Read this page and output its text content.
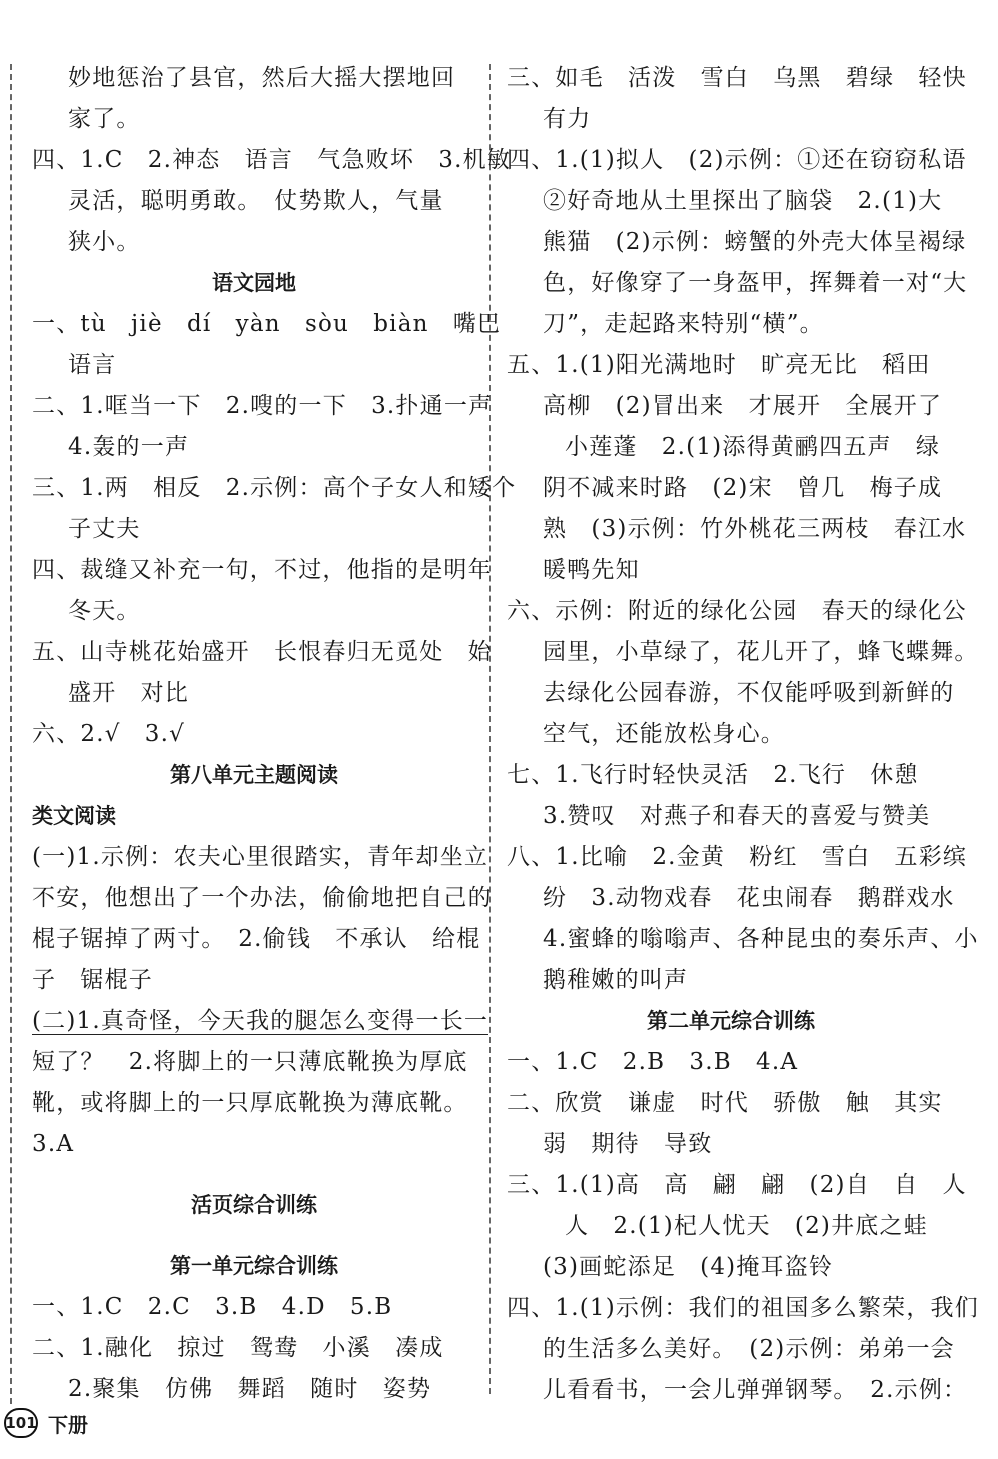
妙地惩治了县官，然后大摇大摆地回
家了。
四、1.C　2.神态　语言　气急败坏　3.机敏
灵活，聪明勇敢。　仗势欺人，气量
狭小。
语文园地
一、tù　jiè　dí　yàn　sòu　biàn　嘴巴
语言
二、1.哐当一下　2.嗖的一下　3.扑通一声
4.轰的一声
三、1.两　相反　2.示例：高个子女人和矮个
子丈夫
四、裁缝又补充一句，不过，他指的是明年
冬天。
五、山寺桃花始盛开　长恨春归无觅处　始
盛开　对比
六、2.√　3.√
第八单元主题阅读
类文阅读
(一)1.示例：农夫心里很踏实，青年却坐立
不安，他想出了一个办法，偷偷地把自己的
棍子锯掉了两寸。　2.偷钱　不承认　给棍
子　锯棍子
(二)1.真奇怪，今天我的腿怎么变得一长一
短了？　2.将脚上的一只薄底靴换为厚底
靴，或将脚上的一只厚底靴换为薄底靴。
3.A
活页综合训练
第一单元综合训练
一、1.C　2.C　3.B　4.D　5.B
二、1.融化　掠过　鸳鸯　小溪　凑成
2.聚集　仿佛　舞蹈　随时　姿势
三、如毛　活泼　雪白　乌黑　碧绿　轻快
有力
四、1.(1)拟人　(2)示例：①还在窃窃私语
②好奇地从土里探出了脑袋　2.(1)大
熊猫　(2)示例：螃蟹的外壳大体呈褐绿
色，好像穿了一身盔甲，挥舞着一对“大
刀”，走起路来特别“横”。
五、1.(1)阳光满地时　旷亮无比　稻田
高柳　(2)冒出来　才展开　全展开了
小莲蓬　2.(1)添得黄鹂四五声　绿
阴不减来时路　(2)宋　曾几　梅子成
熟　(3)示例：竹外桃花三两枝　春江水
暖鸭先知
六、示例：附近的绿化公园　春天的绿化公
园里，小草绿了，花儿开了，蜂飞蝶舞。
去绿化公园春游，不仅能呼吸到新鲜的
空气，还能放松身心。
七、1.飞行时轻快灵活　2.飞行　休憩
3.赞叹　对燕子和春天的喜爱与赞美
八、1.比喻　2.金黄　粉红　雪白　五彩缤
纷　3.动物戏春　花虫闹春　鹅群戏水
4.蜜蜂的嗡嗡声、各种昆虫的奏乐声、小
鹅稚嫩的叫声
第二单元综合训练
一、1.C　2.B　3.B　4.A
二、欣赏　谦虚　时代　骄傲　触　其实
弱　期待　导致
三、1.(1)高　高　翩　翩　(2)自　自　人
人　2.(1)杞人忧天　(2)井底之蛙
(3)画蛇添足　(4)掩耳盗铃
四、1.(1)示例：我们的祖国多么繁荣，我们
的生活多么美好。　(2)示例：弟弟一会
儿看看书，一会儿弹弹钢琴。　2.示例：
101 下册
